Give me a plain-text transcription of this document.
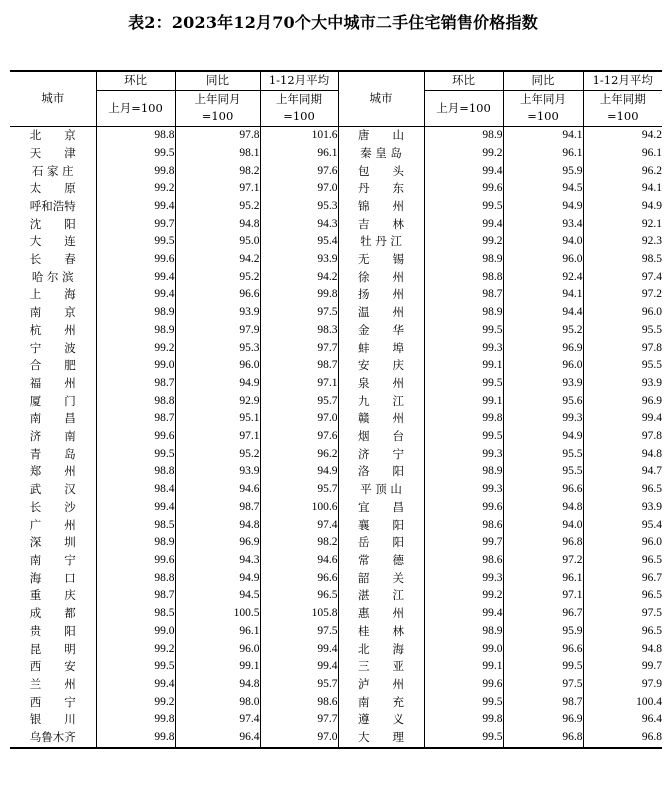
表2：2023年12月70个大中城市二手住宅销售价格指数
城市	环比	同比	1-12月平均	城市	环比	同比	1-12月平均
	上月=100	上年同月
=100	上年同期
=100		上月=100	上年同月
=100	上年同期
=100
北　　京	98.8	97.8	101.6	唐　　山	98.9	94.1	94.2
天　　津	99.5	98.1	96.1	秦 皇 岛	99.2	96.1	96.1
石 家 庄	99.8	98.2	97.6	包　　头	99.4	95.9	96.2
太　　原	99.2	97.1	97.0	丹　　东	99.6	94.5	94.1
呼和浩特	99.4	95.2	95.3	锦　　州	99.5	94.9	94.9
沈　　阳	99.7	94.8	94.3	吉　　林	99.4	93.4	92.1
大　　连	99.5	95.0	95.4	牡 丹 江	99.2	94.0	92.3
长　　春	99.6	94.2	93.9	无　　锡	98.9	96.0	98.5
哈 尔 滨	99.4	95.2	94.2	徐　　州	98.8	92.4	97.4
上　　海	99.4	96.6	99.8	扬　　州	98.7	94.1	97.2
南　　京	98.9	93.9	97.5	温　　州	98.9	94.4	96.0
杭　　州	98.9	97.9	98.3	金　　华	99.5	95.2	95.5
宁　　波	99.2	95.3	97.7	蚌　　埠	99.3	96.9	97.8
合　　肥	99.0	96.0	98.7	安　　庆	99.1	96.0	95.5
福　　州	98.7	94.9	97.1	泉　　州	99.5	93.9	93.9
厦　　门	98.8	92.9	95.7	九　　江	99.1	95.6	96.9
南　　昌	98.7	95.1	97.0	赣　　州	99.8	99.3	99.4
济　　南	99.6	97.1	97.6	烟　　台	99.5	94.9	97.8
青　　岛	99.5	95.2	96.2	济　　宁	99.3	95.5	94.8
郑　　州	98.8	93.9	94.9	洛　　阳	98.9	95.5	94.7
武　　汉	98.4	94.6	95.7	平 顶 山	99.3	96.6	96.5
长　　沙	99.4	98.7	100.6	宜　　昌	99.6	94.8	93.9
广　　州	98.5	94.8	97.4	襄　　阳	98.6	94.0	95.4
深　　圳	98.9	96.9	98.2	岳　　阳	99.7	96.8	96.0
南　　宁	99.6	94.3	94.6	常　　德	98.6	97.2	96.5
海　　口	98.8	94.9	96.6	韶　　关	99.3	96.1	96.7
重　　庆	98.7	94.5	96.5	湛　　江	99.2	97.1	96.5
成　　都	98.5	100.5	105.8	惠　　州	99.4	96.7	97.5
贵　　阳	99.0	96.1	97.5	桂　　林	98.9	95.9	96.5
昆　　明	99.2	96.0	99.4	北　　海	99.0	96.6	94.8
西　　安	99.5	99.1	99.4	三　　亚	99.1	99.5	99.7
兰　　州	99.4	94.8	95.7	泸　　州	99.6	97.5	97.9
西　　宁	99.2	98.0	98.6	南　　充	99.5	98.7	100.4
银　　川	99.8	97.4	97.7	遵　　义	99.8	96.9	96.4
乌鲁木齐	99.8	96.4	97.0	大　　理	99.5	96.8	96.8
